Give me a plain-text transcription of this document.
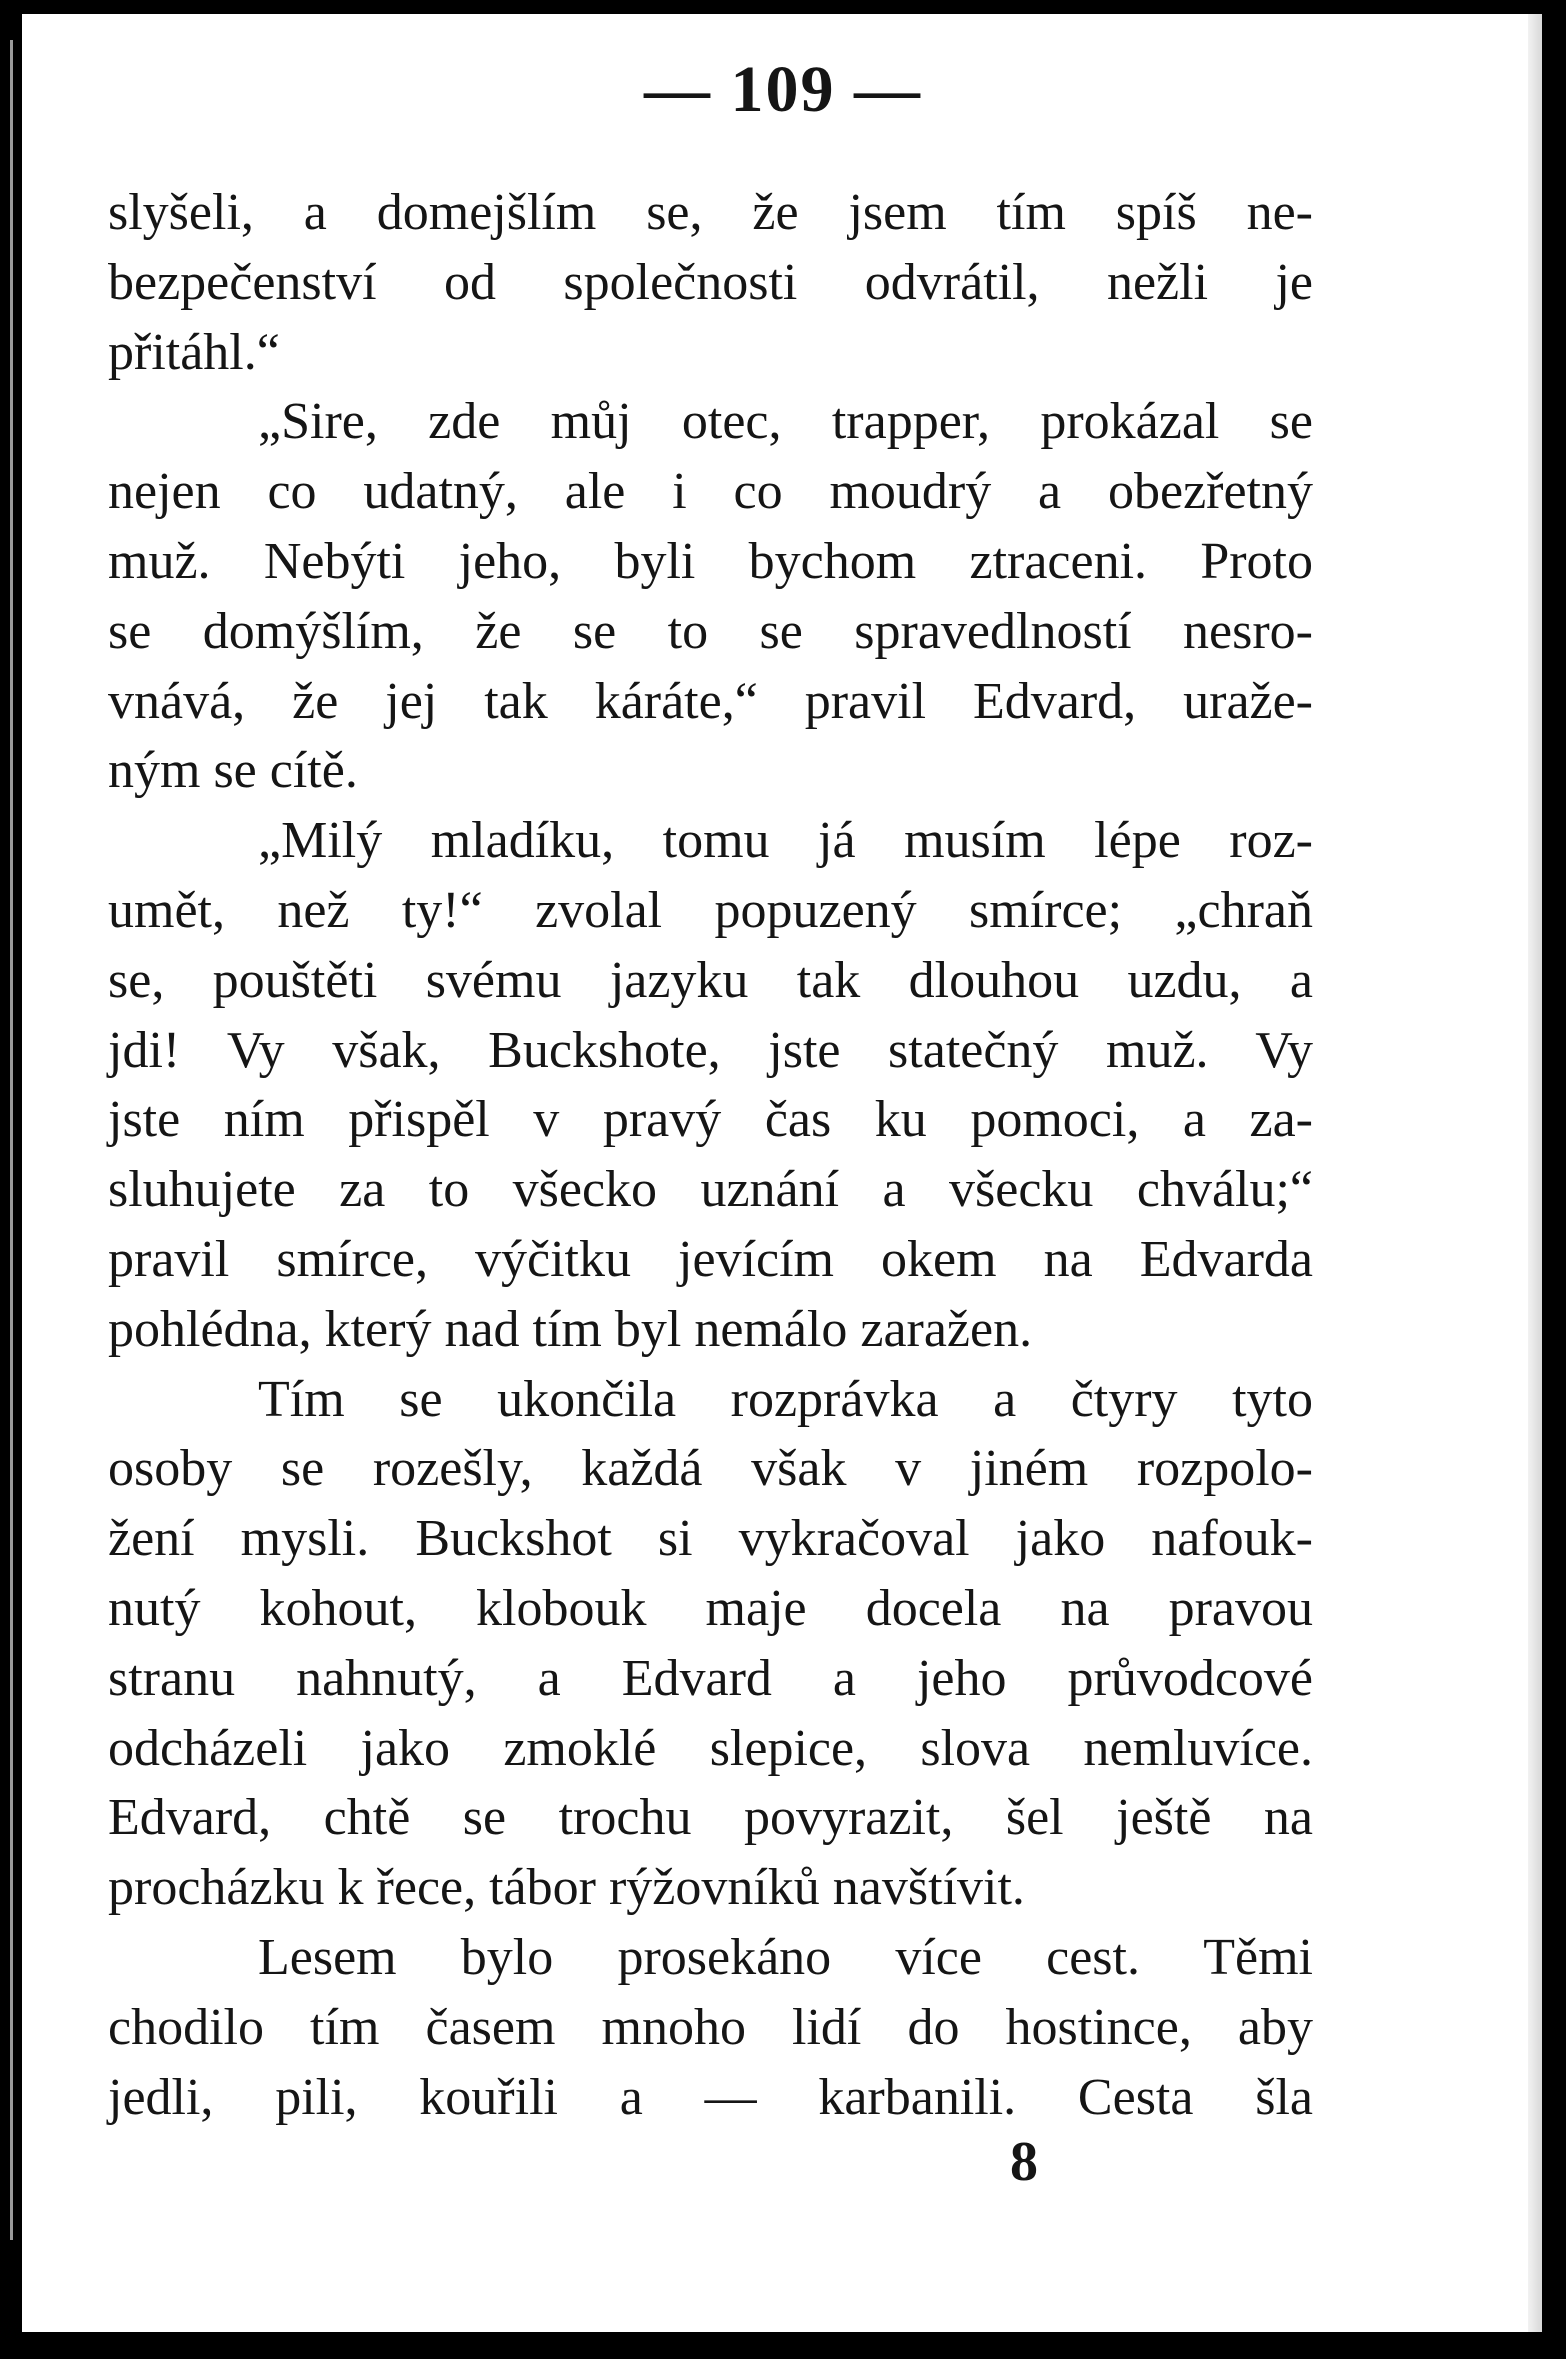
— 109 —
slyšeli, a domejšlím se, že jsem tím spíš ne-
bezpečenství od společnosti odvrátil, nežli je
přitáhl.“
„Sire, zde můj otec, trapper, prokázal se
nejen co udatný, ale i co moudrý a obezřetný
muž. Nebýti jeho, byli bychom ztraceni. Proto
se domýšlím, že se to se spravedlností nesro-
vnává, že jej tak káráte,“ pravil Edvard, uraže-
ným se cítě.
„Milý mladíku, tomu já musím lépe roz-
umět, než ty!“ zvolal popuzený smírce; „chraň
se, pouštěti svému jazyku tak dlouhou uzdu, a
jdi! Vy však, Buckshote, jste statečný muž. Vy
jste ním přispěl v pravý čas ku pomoci, a za-
sluhujete za to všecko uznání a všecku chválu;“
pravil smírce, výčitku jevícím okem na Edvarda
pohlédna, který nad tím byl nemálo zaražen.
Tím se ukončila rozprávka a čtyry tyto
osoby se rozešly, každá však v jiném rozpolo-
žení mysli. Buckshot si vykračoval jako nafouk-
nutý kohout, klobouk maje docela na pravou
stranu nahnutý, a Edvard a jeho průvodcové
odcházeli jako zmoklé slepice, slova nemluvíce.
Edvard, chtě se trochu povyrazit, šel ještě na
procházku k řece, tábor rýžovníků navštívit.
Lesem bylo prosekáno více cest. Těmi
chodilo tím časem mnoho lidí do hostince, aby
jedli, pili, kouřili a — karbanili. Cesta šla
8
